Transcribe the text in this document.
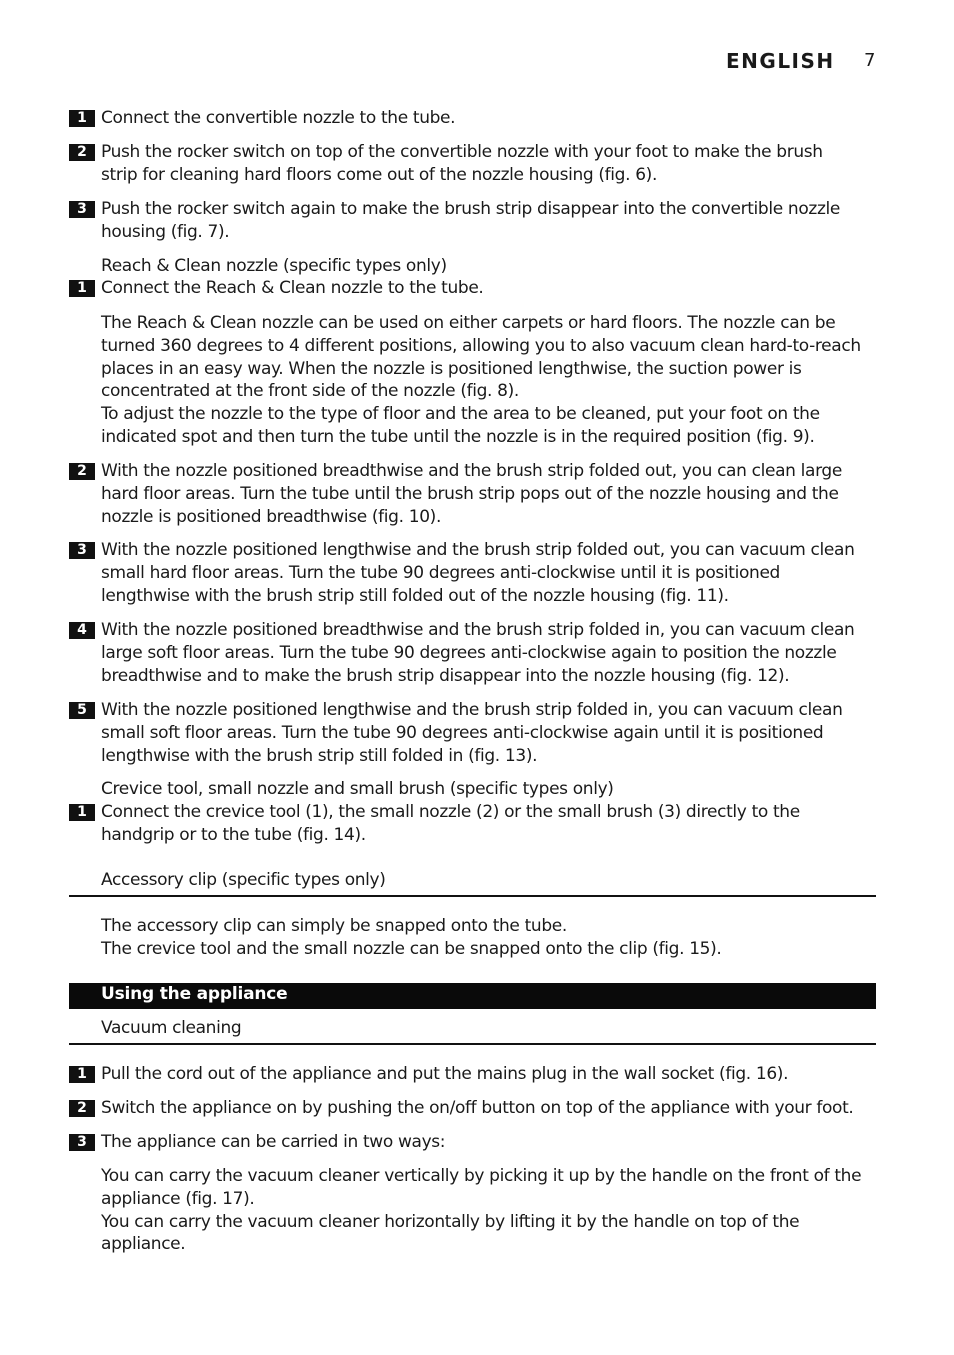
ENGLISH 7
1 Connect the convertible nozzle to the tube.
2 Push the rocker switch on top of the convertible nozzle with your foot to make the brush
strip for cleaning hard floors come out of the nozzle housing (fig. 6).
3 Push the rocker switch again to make the brush strip disappear into the convertible nozzle
housing (fig. 7).
Reach & Clean nozzle (specific types only)
1 Connect the Reach & Clean nozzle to the tube.
The Reach & Clean nozzle can be used on either carpets or hard floors. The nozzle can be
turned 360 degrees to 4 different positions, allowing you to also vacuum clean hard-to-reach
places in an easy way. When the nozzle is positioned lengthwise, the suction power is
concentrated at the front side of the nozzle (fig. 8).
To adjust the nozzle to the type of floor and the area to be cleaned, put your foot on the
indicated spot and then turn the tube until the nozzle is in the required position (fig. 9).
2 With the nozzle positioned breadthwise and the brush strip folded out, you can clean large
hard floor areas. Turn the tube until the brush strip pops out of the nozzle housing and the
nozzle is positioned breadthwise (fig. 10).
3 With the nozzle positioned lengthwise and the brush strip folded out, you can vacuum clean
small hard floor areas. Turn the tube 90 degrees anti-clockwise until it is positioned
lengthwise with the brush strip still folded out of the nozzle housing (fig. 11).
4 With the nozzle positioned breadthwise and the brush strip folded in, you can vacuum clean
large soft floor areas. Turn the tube 90 degrees anti-clockwise again to position the nozzle
breadthwise and to make the brush strip disappear into the nozzle housing (fig. 12).
5 With the nozzle positioned lengthwise and the brush strip folded in, you can vacuum clean
small soft floor areas. Turn the tube 90 degrees anti-clockwise again until it is positioned
lengthwise with the brush strip still folded in (fig. 13).
Crevice tool, small nozzle and small brush (specific types only)
1 Connect the crevice tool (1), the small nozzle (2) or the small brush (3) directly to the
handgrip or to the tube (fig. 14).
Accessory clip (specific types only)
The accessory clip can simply be snapped onto the tube.
The crevice tool and the small nozzle can be snapped onto the clip (fig. 15).
Using the appliance
Vacuum cleaning
1 Pull the cord out of the appliance and put the mains plug in the wall socket (fig. 16).
2 Switch the appliance on by pushing the on/off button on top of the appliance with your foot.
3 The appliance can be carried in two ways:
You can carry the vacuum cleaner vertically by picking it up by the handle on the front of the
appliance (fig. 17).
You can carry the vacuum cleaner horizontally by lifting it by the handle on top of the
appliance.
